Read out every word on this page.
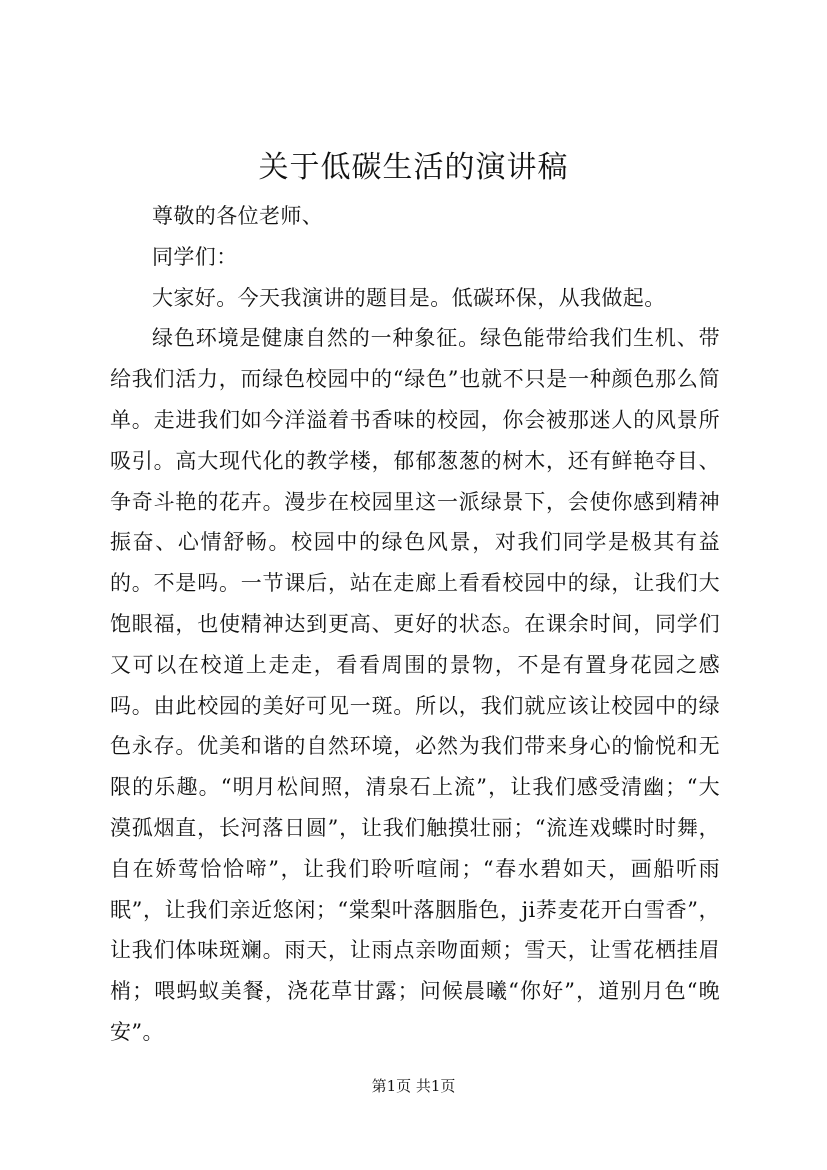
关于低碳生活的演讲稿

尊敬的各位老师、

同学们：

大家好。今天我演讲的题目是。低碳环保，从我做起。

绿色环境是健康自然的一种象征。绿色能带给我们生机、带给我们活力，而绿色校园中的“绿色”也就不只是一种颜色那么简单。走进我们如今洋溢着书香味的校园，你会被那迷人的风景所吸引。高大现代化的教学楼，郁郁葱葱的树木，还有鲜艳夺目、争奇斗艳的花卉。漫步在校园里这一派绿景下，会使你感到精神振奋、心情舒畅。校园中的绿色风景，对我们同学是极其有益的。不是吗。一节课后，站在走廊上看看校园中的绿，让我们大饱眼福，也使精神达到更高、更好的状态。在课余时间，同学们又可以在校道上走走，看看周围的景物，不是有置身花园之感吗。由此校园的美好可见一斑。所以，我们就应该让校园中的绿色永存。优美和谐的自然环境，必然为我们带来身心的愉悦和无限的乐趣。“明月松间照，清泉石上流”，让我们感受清幽；“大漠孤烟直，长河落日圆”，让我们触摸壮丽；“流连戏蝶时时舞，自在娇莺恰恰啼”，让我们聆听喧闹；“春水碧如天，画船听雨眠”，让我们亲近悠闲；“棠梨叶落胭脂色，ji荞麦花开白雪香”，让我们体味斑斓。雨天，让雨点亲吻面颊；雪天，让雪花栖挂眉梢；喂蚂蚁美餐，浇花草甘露；问候晨曦“你好”，道别月色“晚安”。

第1页 共1页
